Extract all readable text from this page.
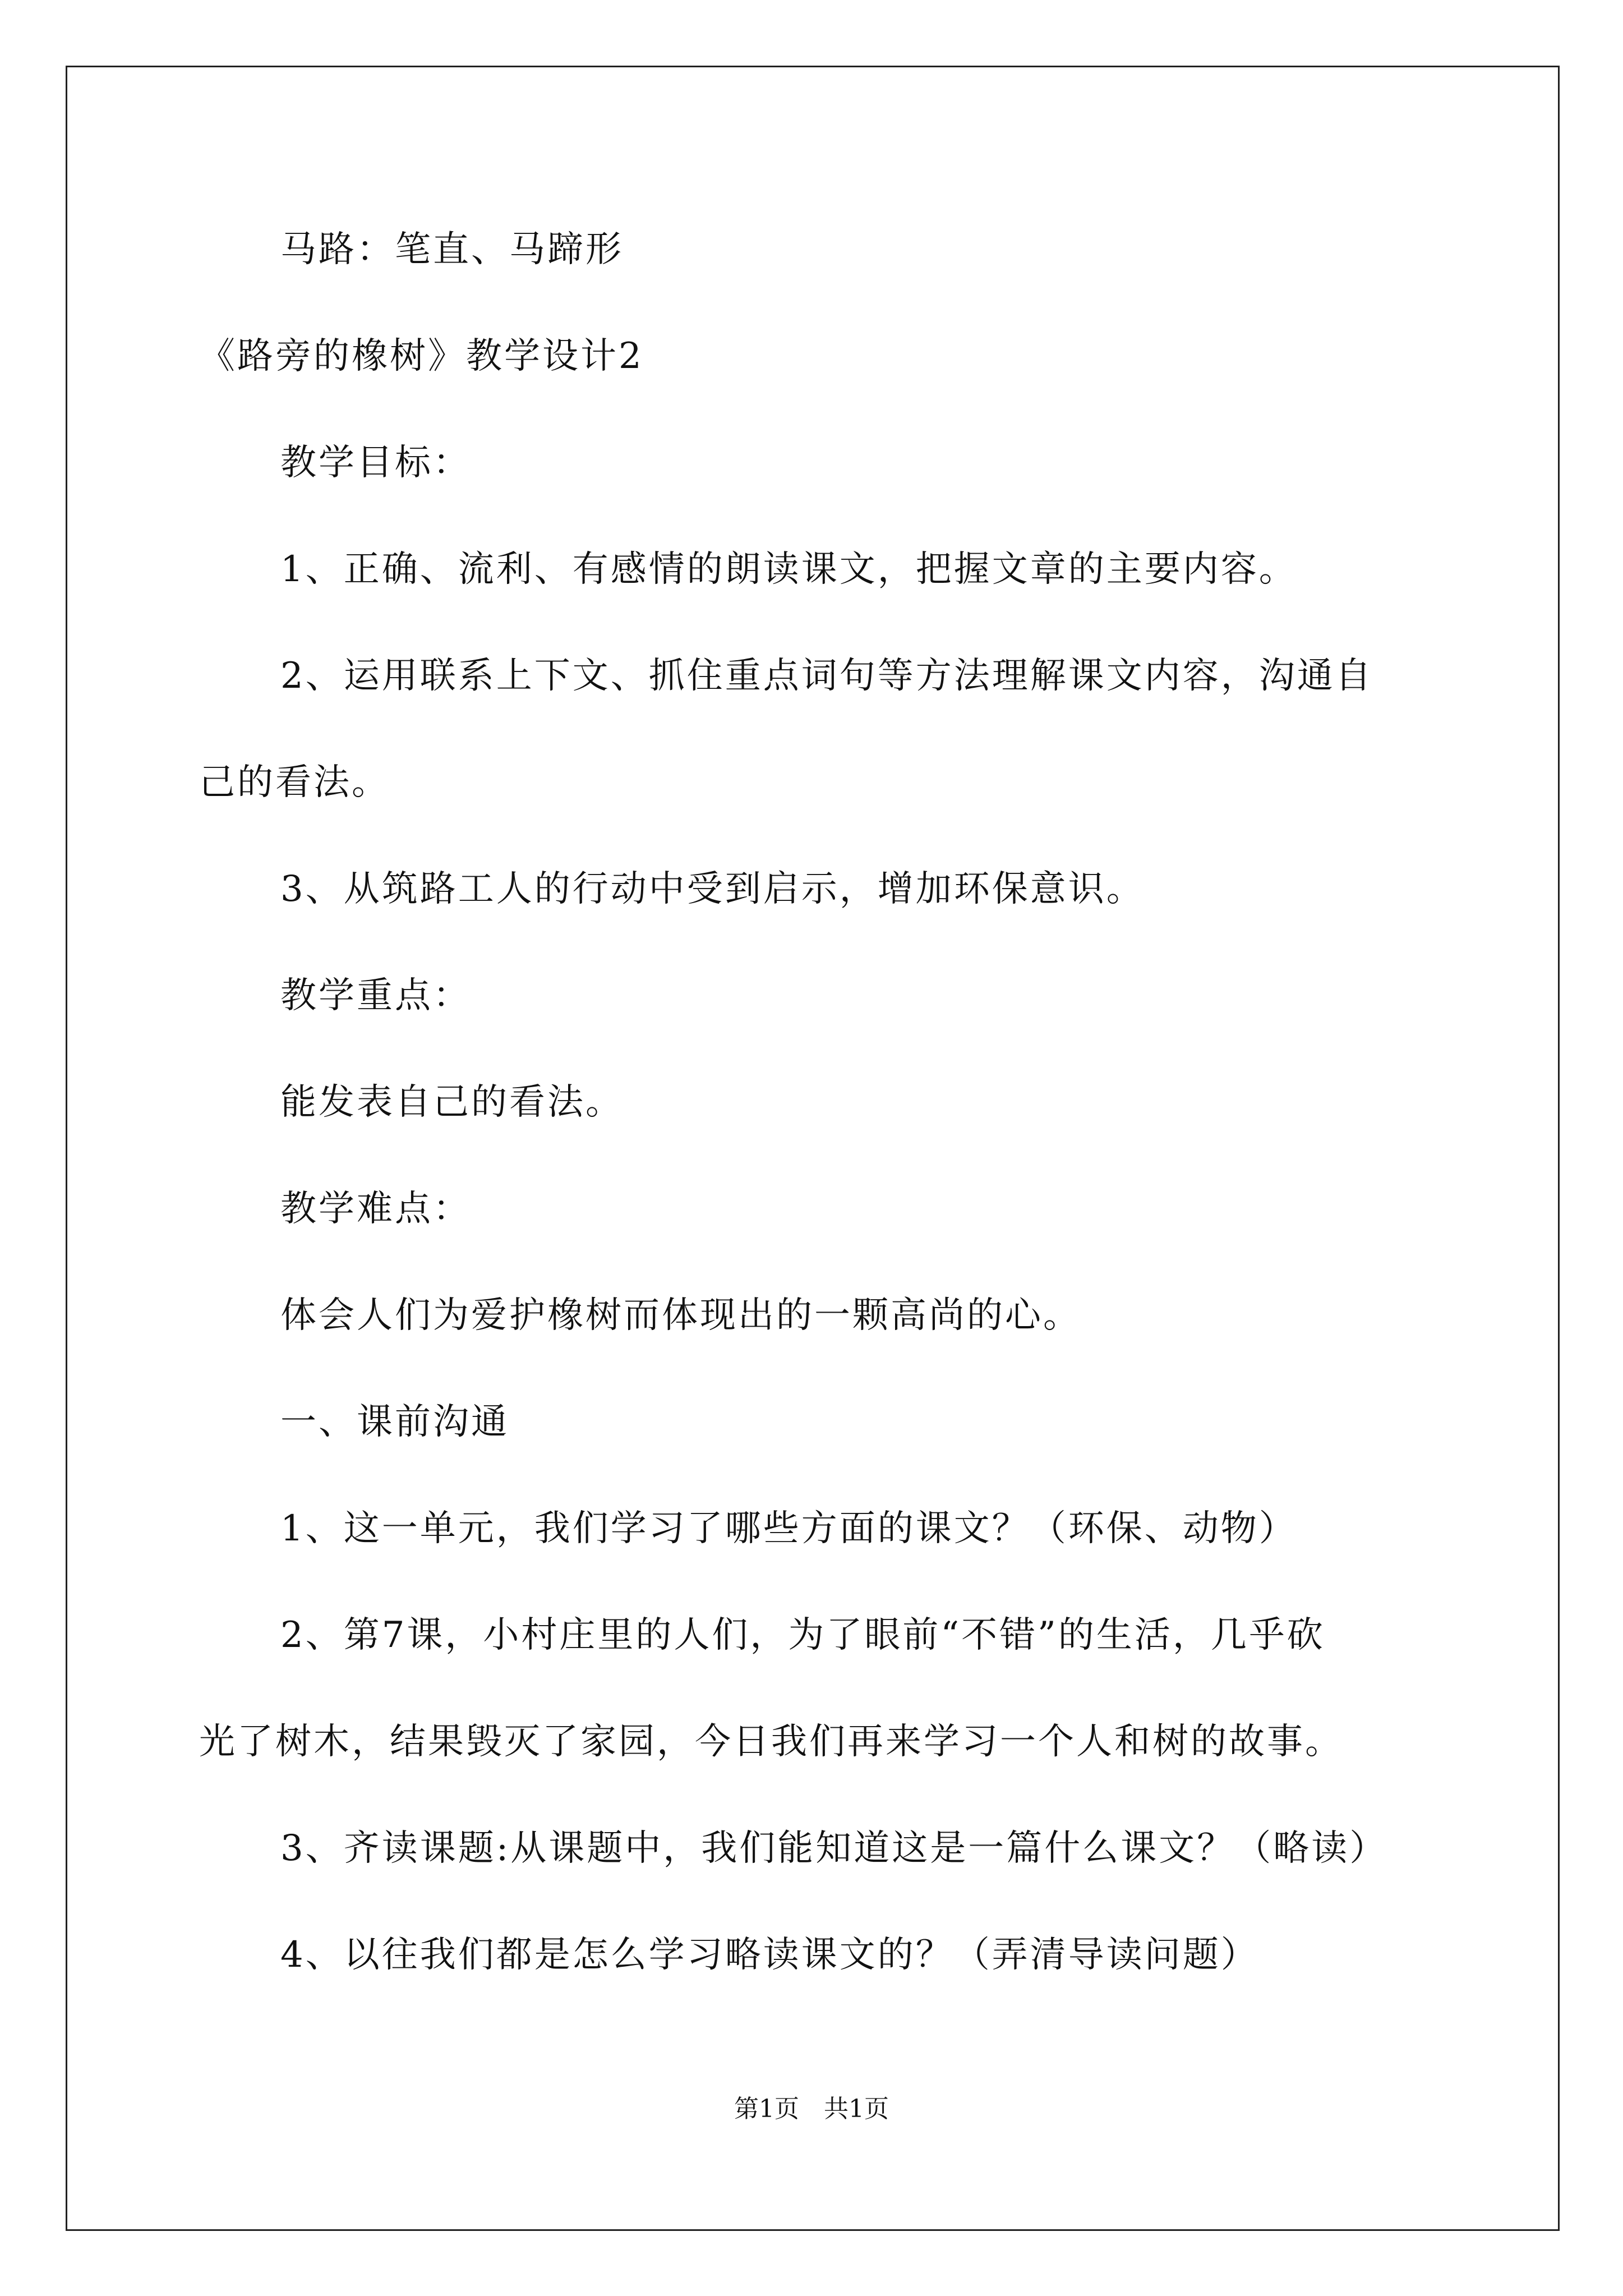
马路：笔直、马蹄形
《路旁的橡树》教学设计2
教学目标：
1、正确、流利、有感情的朗读课文，把握文章的主要内容。
2、运用联系上下文、抓住重点词句等方法理解课文内容，沟通自
己的看法。
3、从筑路工人的行动中受到启示，增加环保意识。
教学重点：
能发表自己的看法。
教学难点：
体会人们为爱护橡树而体现出的一颗高尚的心。
一、课前沟通
1、这一单元，我们学习了哪些方面的课文？（环保、动物）
2、第7课，小村庄里的人们，为了眼前“不错”的生活，几乎砍
光了树木，结果毁灭了家园，今日我们再来学习一个人和树的故事。
3、齐读课题:从课题中，我们能知道这是一篇什么课文？（略读）
4、以往我们都是怎么学习略读课文的？（弄清导读问题）
第1页　共1页
